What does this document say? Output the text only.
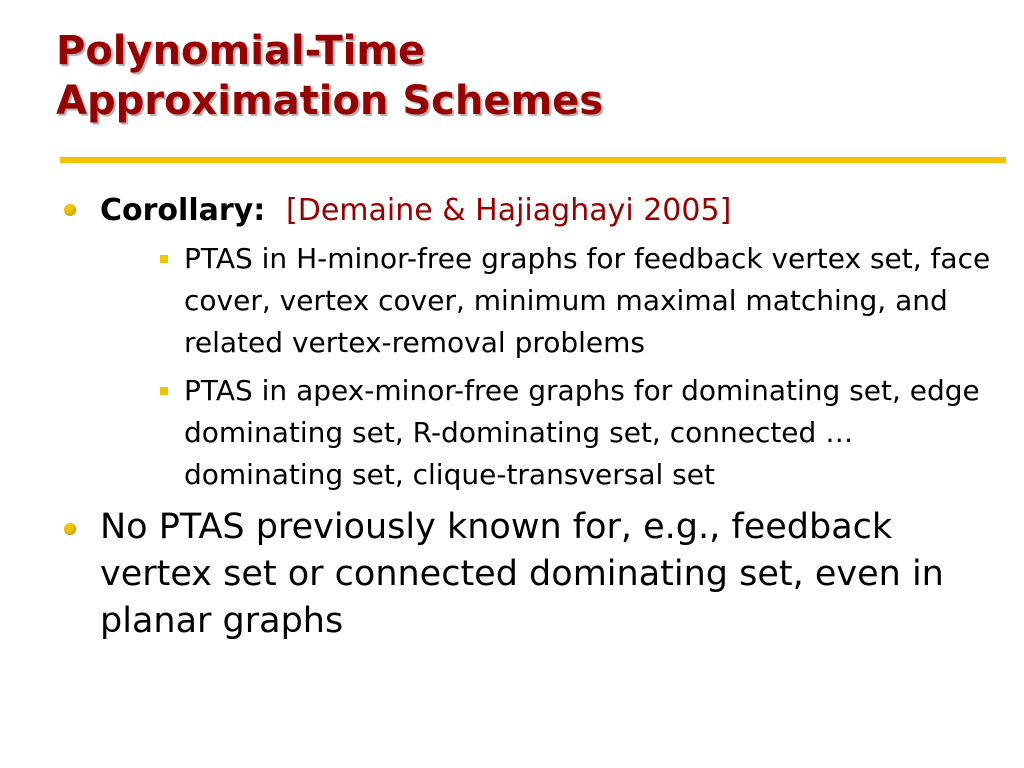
Polynomial-Time
Approximation Schemes
Corollary: [Demaine & Hajiaghayi 2005]
PTAS in H-minor-free graphs for feedback vertex set, face cover, vertex cover, minimum maximal matching, and related vertex-removal problems
PTAS in apex-minor-free graphs for dominating set, edge dominating set, R-dominating set, connected … dominating set, clique-transversal set
No PTAS previously known for, e.g., feedback vertex set or connected dominating set, even in planar graphs
